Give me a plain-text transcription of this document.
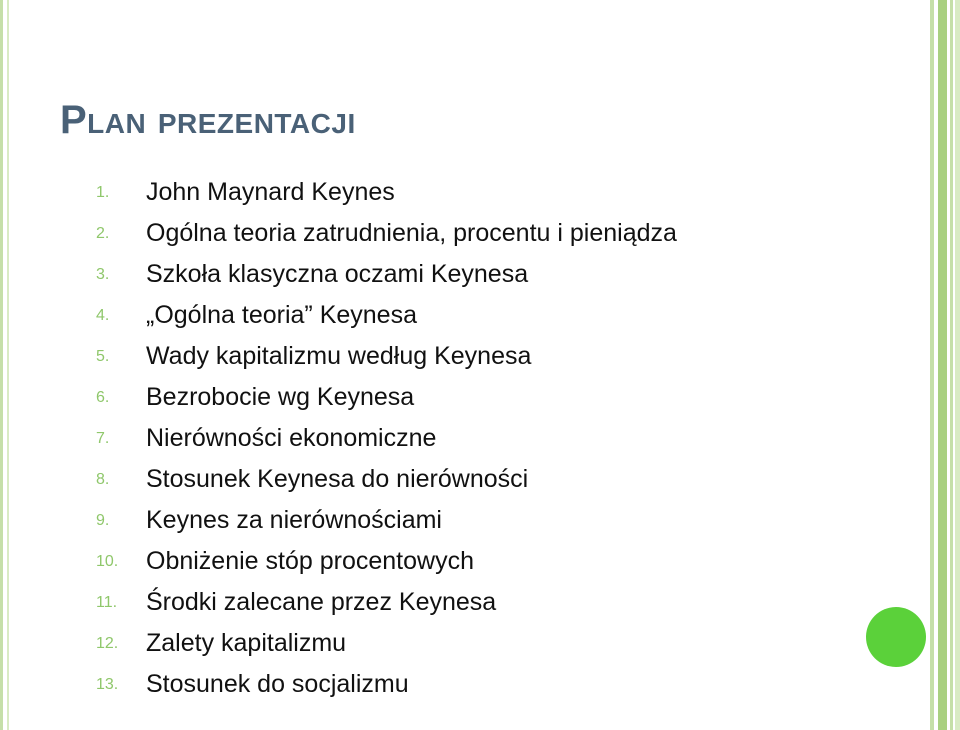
Plan prezentacji
1. John Maynard Keynes
2. Ogólna teoria zatrudnienia, procentu i pieniądza
3. Szkoła klasyczna oczami Keynesa
4. „Ogólna teoria” Keynesa
5. Wady kapitalizmu według Keynesa
6. Bezrobocie wg Keynesa
7. Nierówności ekonomiczne
8. Stosunek Keynesa do nierówności
9. Keynes za nierównościami
10. Obniżenie stóp procentowych
11. Środki zalecane przez Keynesa
12. Zalety kapitalizmu
13. Stosunek do socjalizmu
